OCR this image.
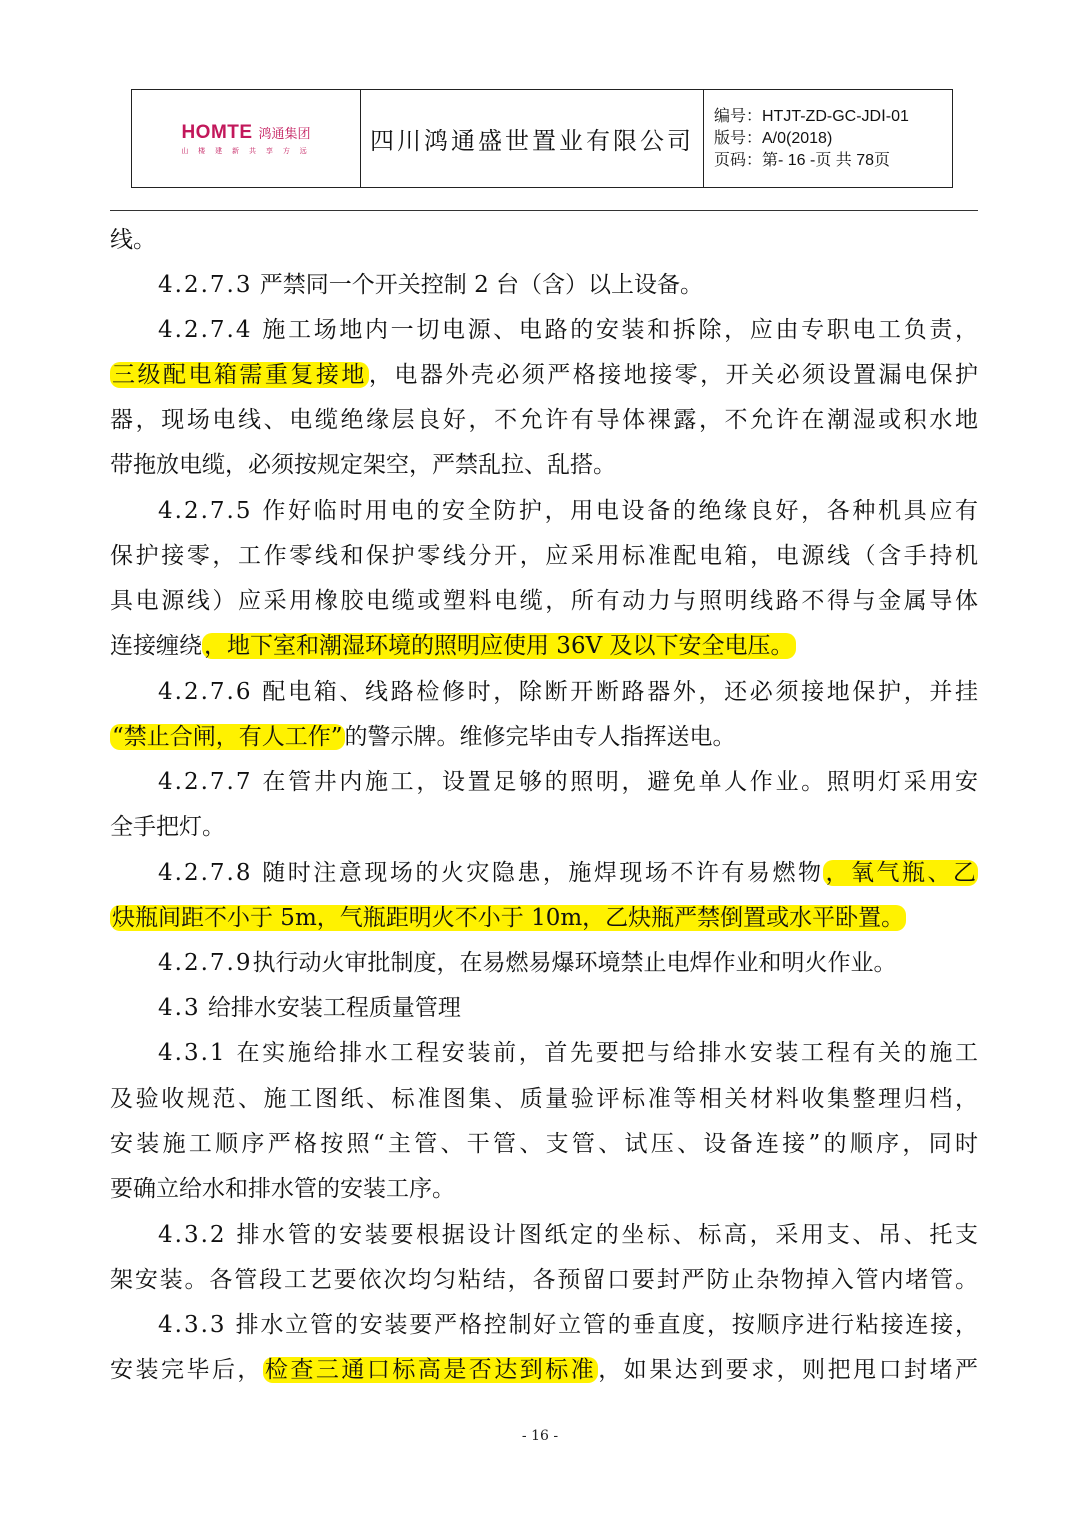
HOMTE 鸿通集团
山 楼 建 新 共 享 方 远 四川鸿通盛世置业有限公司
编号：HTJT-ZD-GC-JDⅠ-01
版号：A/0(2018)
页码：第- 16 -页 共 78页
线。
4.2.7.3 严禁同一个开关控制 2 台（含）以上设备。
4.2.7.4 施工场地内一切电源、电路的安装和拆除，应由专职电工负责，
三级配电箱需重复接地，电器外壳必须严格接地接零，开关必须设置漏电保护
器，现场电线、电缆绝缘层良好，不允许有导体裸露，不允许在潮湿或积水地
带拖放电缆，必须按规定架空，严禁乱拉、乱搭。
4.2.7.5 作好临时用电的安全防护，用电设备的绝缘良好，各种机具应有
保护接零，工作零线和保护零线分开，应采用标准配电箱，电源线（含手持机
具电源线）应采用橡胶电缆或塑料电缆，所有动力与照明线路不得与金属导体
连接缠绕，地下室和潮湿环境的照明应使用 36V 及以下安全电压。
4.2.7.6 配电箱、线路检修时，除断开断路器外，还必须接地保护，并挂
“禁止合闸，有人工作”的警示牌。维修完毕由专人指挥送电。
4.2.7.7 在管井内施工，设置足够的照明，避免单人作业。照明灯采用安
全手把灯。
4.2.7.8 随时注意现场的火灾隐患，施焊现场不许有易燃物，氧气瓶、乙
炔瓶间距不小于 5m，气瓶距明火不小于 10m，乙炔瓶严禁倒置或水平卧置。
4.2.7.9执行动火审批制度，在易燃易爆环境禁止电焊作业和明火作业。
4.3 给排水安装工程质量管理
4.3.1 在实施给排水工程安装前，首先要把与给排水安装工程有关的施工
及验收规范、施工图纸、标准图集、质量验评标准等相关材料收集整理归档，
安装施工顺序严格按照“主管、干管、支管、试压、设备连接”的顺序，同时
要确立给水和排水管的安装工序。
4.3.2 排水管的安装要根据设计图纸定的坐标、标高，采用支、吊、托支
架安装。各管段工艺要依次均匀粘结，各预留口要封严防止杂物掉入管内堵管。
4.3.3 排水立管的安装要严格控制好立管的垂直度，按顺序进行粘接连接，
安装完毕后，检查三通口标高是否达到标准，如果达到要求，则把甩口封堵严
- 16 -
